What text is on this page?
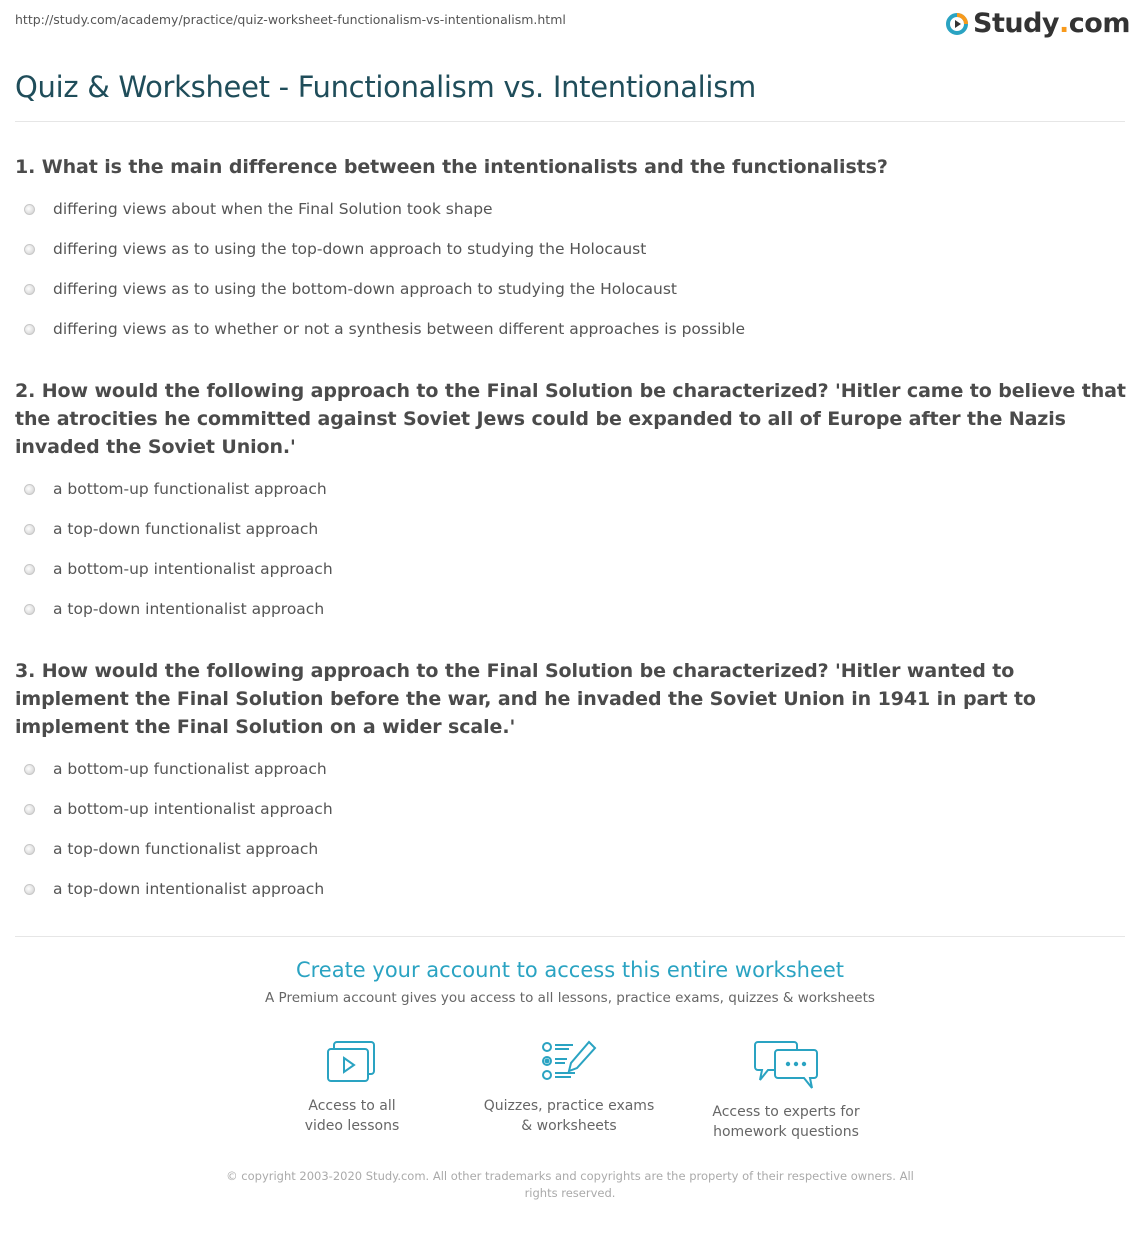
http://study.com/academy/practice/quiz-worksheet-functionalism-vs-intentionalism.html	Study . com
Quiz & Worksheet - Functionalism vs. Intentionalism

1. What is the main difference between the intentionalists and the functionalists?

differing views about when the Final Solution took shape
differing views as to using the top-down approach to studying the Holocaust
differing views as to using the bottom-down approach to studying the Holocaust
differing views as to whether or not a synthesis between different approaches is possible

2. How would the following approach to the Final Solution be characterized? 'Hitler came to believe that the atrocities he committed against Soviet Jews could be expanded to all of Europe after the Nazis invaded the Soviet Union.'

a bottom-up functionalist approach
a top-down functionalist approach
a bottom-up intentionalist approach
a top-down intentionalist approach

3. How would the following approach to the Final Solution be characterized? 'Hitler wanted to implement the Final Solution before the war, and he invaded the Soviet Union in 1941 in part to implement the Final Solution on a wider scale.'

a bottom-up functionalist approach
a bottom-up intentionalist approach
a top-down functionalist approach
a top-down intentionalist approach
Create your account to access this entire worksheet
A Premium account gives you access to all lessons, practice exams, quizzes & worksheets
Access to all
video lessons
Quizzes, practice exams
& worksheets
Access to experts for
homework questions
© copyright 2003-2020 Study.com. All other trademarks and copyrights are the property of their respective owners. All rights reserved.
